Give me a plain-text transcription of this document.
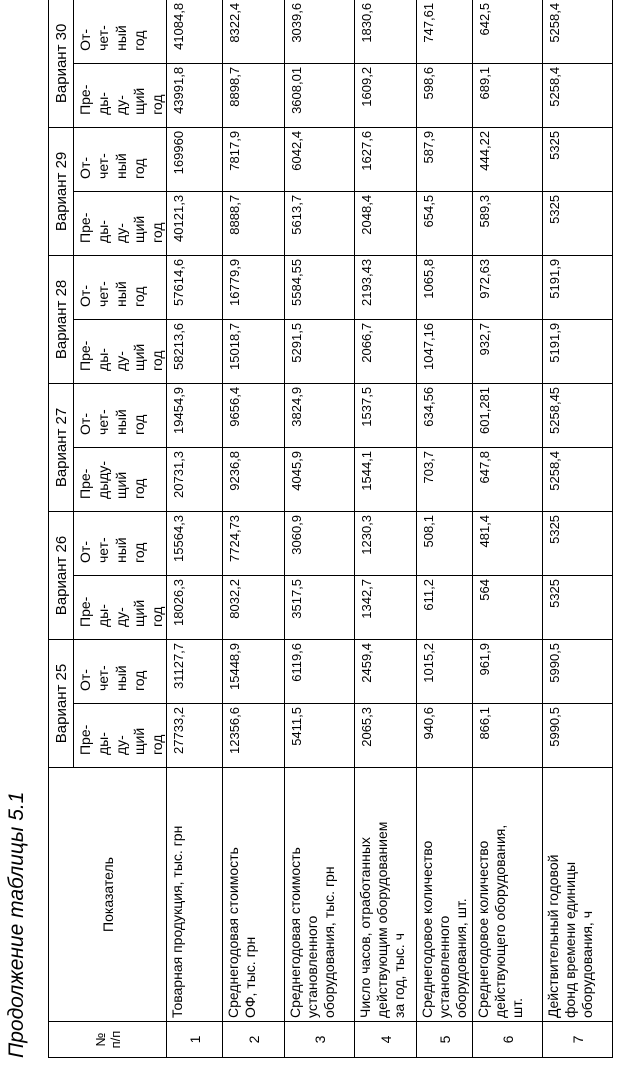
Продолжение таблицы 5.1	№
п/п	Показатель	Вариант 25		Вариант 26		Вариант 27		Вариант 28		Вариант 29		Вариант 30	
		Пре-
ды-
ду-
щий
год	От-
чет-
ный
год	Пре-
ды-
ду-
щий
год	От-
чет-
ный
год	Пре-
дыду-
щий
год	От-
чет-
ный
год	Пре-
ды-
ду-
щий
год	От-
чет-
ный
год	Пре-
ды-
ду-
щий
год	От-
чет-
ный
год	Пре-
ды-
ду-
щий
год	От-
чет-
ный
год
1	Товарная продукция, тыс. грн	27733,2	31127,7	18026,3	15564,3	20731,3	19454,9	58213,6	57614,6	40121,3	169960	43991,8	41084,8
2	Среднегодовая стоимость
ОФ, тыс. грн	12356,6	15448,9	8032,2	7724,73	9236,8	9656,4	15018,7	16779,9	8888,7	7817,9	8898,7	8322,4
3	Среднегодовая стоимость
установленного
оборудования, тыс. грн	5411,5	6119,6	3517,5	3060,9	4045,9	3824,9	5291,5	5584,55	5613,7	6042,4	3608,01	3039,6
4	Число часов, отработанных
действующим оборудованием
за год, тыс. ч	2065,3	2459,4	1342,7	1230,3	1544,1	1537,5	2066,7	2193,43	2048,4	1627,6	1609,2	1830,6
5	Среднегодовое количество
установленного
оборудования, шт.	940,6	1015,2	611,2	508,1	703,7	634,56	1047,16	1065,8	654,5	587,9	598,6	747,61
6	Среднегодовое количество
действующего оборудования,
шт.	866,1	961,9	564	481,4	647,8	601,281	932,7	972,63	589,3	444,22	689,1	642,5
7	Действительный годовой
фонд времени единицы
оборудования, ч	5990,5	5990,5	5325	5325	5258,4	5258,45	5191,9	5191,9	5325	5325	5258,4	5258,4
